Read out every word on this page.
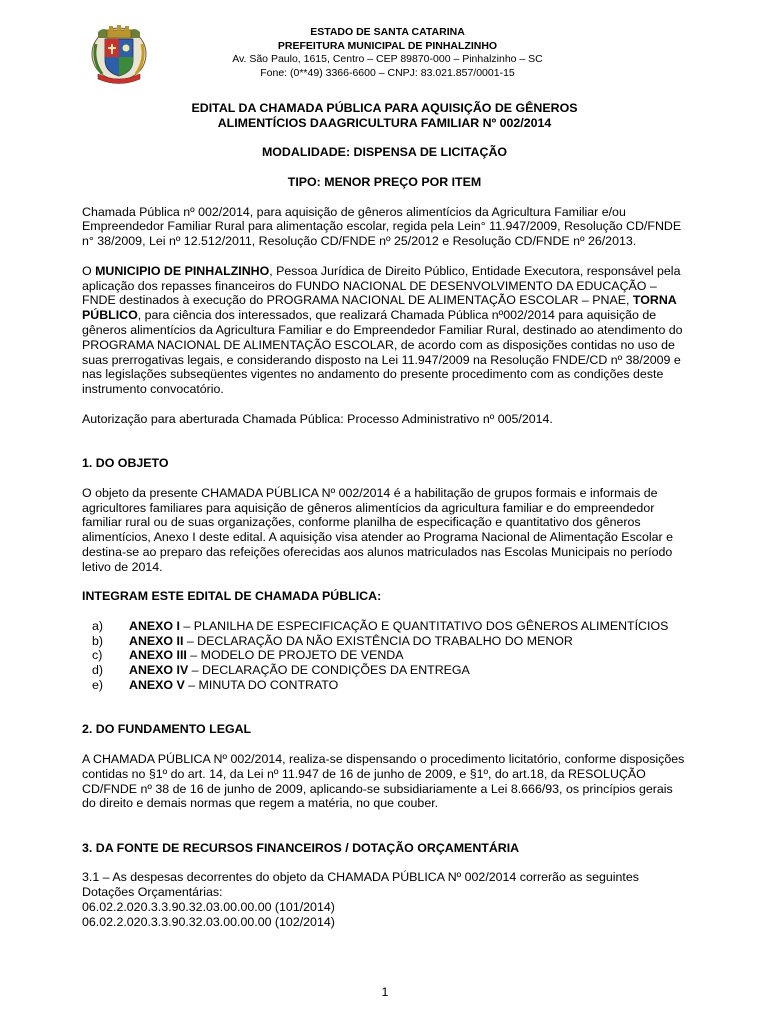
ESTADO DE SANTA CATARINA
PREFEITURA MUNICIPAL DE PINHALZINHO
Av. São Paulo, 1615, Centro – CEP 89870-000 – Pinhalzinho – SC
Fone: (0**49) 3366-6600 – CNPJ: 83.021.857/0001-15
EDITAL DA CHAMADA PÚBLICA PARA AQUISIÇÃO DE GÊNEROS
ALIMENTÍCIOS DAAGRICULTURA FAMILIAR Nº 002/2014
MODALIDADE: DISPENSA DE LICITAÇÃO
TIPO: MENOR PREÇO POR ITEM

Chamada Pública nº 002/2014, para aquisição de gêneros alimentícios da Agricultura Familiar e/ou Empreendedor Familiar Rural para alimentação escolar, regida pela Lein° 11.947/2009, Resolução CD/FNDE n° 38/2009, Lei nº 12.512/2011, Resolução CD/FNDE nº 25/2012 e Resolução CD/FNDE nº 26/2013.

O MUNICIPIO DE PINHALZINHO, Pessoa Jurídica de Direito Público, Entidade Executora, responsável pela aplicação dos repasses financeiros do FUNDO NACIONAL DE DESENVOLVIMENTO DA EDUCAÇÃO – FNDE destinados à execução do PROGRAMA NACIONAL DE ALIMENTAÇÃO ESCOLAR – PNAE, TORNA PÚBLICO, para ciência dos interessados, que realizará Chamada Pública nº002/2014 para aquisição de gêneros alimentícios da Agricultura Familiar e do Empreendedor Familiar Rural, destinado ao atendimento do PROGRAMA NACIONAL DE ALIMENTAÇÃO ESCOLAR, de acordo com as disposições contidas no uso de suas prerrogativas legais, e considerando disposto na Lei 11.947/2009 na Resolução FNDE/CD nº 38/2009 e nas legislações subseqüentes vigentes no andamento do presente procedimento com as condições deste instrumento convocatório.

Autorização para aberturada Chamada Pública: Processo Administrativo nº 005/2014.

1. DO OBJETO

O objeto da presente CHAMADA PÚBLICA Nº 002/2014 é a habilitação de grupos formais e informais de agricultores familiares para aquisição de gêneros alimentícios da agricultura familiar e do empreendedor familiar rural ou de suas organizações, conforme planilha de especificação e quantitativo dos gêneros alimentícios, Anexo I deste edital. A aquisição visa atender ao Programa Nacional de Alimentação Escolar e destina-se ao preparo das refeições oferecidas aos alunos matriculados nas Escolas Municipais no período letivo de 2014.

INTEGRAM ESTE EDITAL DE CHAMADA PÚBLICA:

a) ANEXO I – PLANILHA DE ESPECIFICAÇÃO E QUANTITATIVO DOS GÊNEROS ALIMENTÍCIOS
b) ANEXO II – DECLARAÇÃO DA NÃO EXISTÊNCIA DO TRABALHO DO MENOR
c) ANEXO III – MODELO DE PROJETO DE VENDA
d) ANEXO IV – DECLARAÇÃO DE CONDIÇÕES DA ENTREGA
e) ANEXO V – MINUTA DO CONTRATO

2. DO FUNDAMENTO LEGAL

A CHAMADA PÚBLICA Nº 002/2014, realiza-se dispensando o procedimento licitatório, conforme disposições contidas no §1º do art. 14, da Lei nº 11.947 de 16 de junho de 2009, e §1º, do art.18, da RESOLUÇÃO CD/FNDE nº 38 de 16 de junho de 2009, aplicando-se subsidiariamente a Lei 8.666/93, os princípios gerais do direito e demais normas que regem a matéria, no que couber.

3. DA FONTE DE RECURSOS FINANCEIROS / DOTAÇÃO ORÇAMENTÁRIA

3.1 – As despesas decorrentes do objeto da CHAMADA PÚBLICA Nº 002/2014 correrão as seguintes Dotações Orçamentárias:

06.02.2.020.3.3.90.32.03.00.00.00 (101/2014)

06.02.2.020.3.3.90.32.03.00.00.00 (102/2014)

1
